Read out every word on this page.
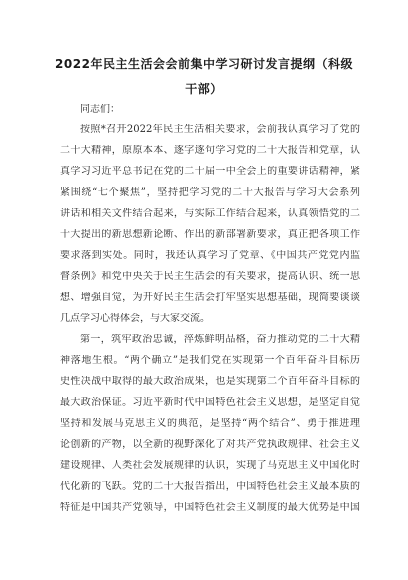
2022年民主生活会会前集中学习研讨发言提纲（科级
干部）
同志们：
按照*召开2022年民主生活相关要求，会前我认真学习了党的
二十大精神，原原本本、逐字逐句学习党的二十大报告和党章，认
真学习习近平总书记在党的二十届一中全会上的重要讲话精神，紧
紧围绕“七个聚焦”，坚持把学习党的二十大报告与学习大会系列
讲话和相关文件结合起来，与实际工作结合起来，认真领悟党的二
十大提出的新思想新论断、作出的新部署新要求，真正把各项工作
要求落到实处。同时，我还认真学习了党章、《中国共产党党内监
督条例》和党中央关于民主生活会的有关要求，提高认识、统一思
想、增强自觉，为开好民主生活会打牢坚实思想基础，现简要谈谈
几点学习心得体会，与大家交流。
第一，筑牢政治忠诚，淬炼鲜明品格，奋力推动党的二十大精
神落地生根。“两个确立”是我们党在实现第一个百年奋斗目标历
史性决战中取得的最大政治成果，也是实现第二个百年奋斗目标的
最大政治保证。习近平新时代中国特色社会主义思想，是坚定自觉
坚持和发展马克思主义的典范，是坚持“两个结合”、勇于推进理
论创新的产物，以全新的视野深化了对共产党执政规律、社会主义
建设规律、人类社会发展规律的认识，实现了马克思主义中国化时
代化新的飞跃。党的二十大报告指出，中国特色社会主义最本质的
特征是中国共产党领导，中国特色社会主义制度的最大优势是中国
